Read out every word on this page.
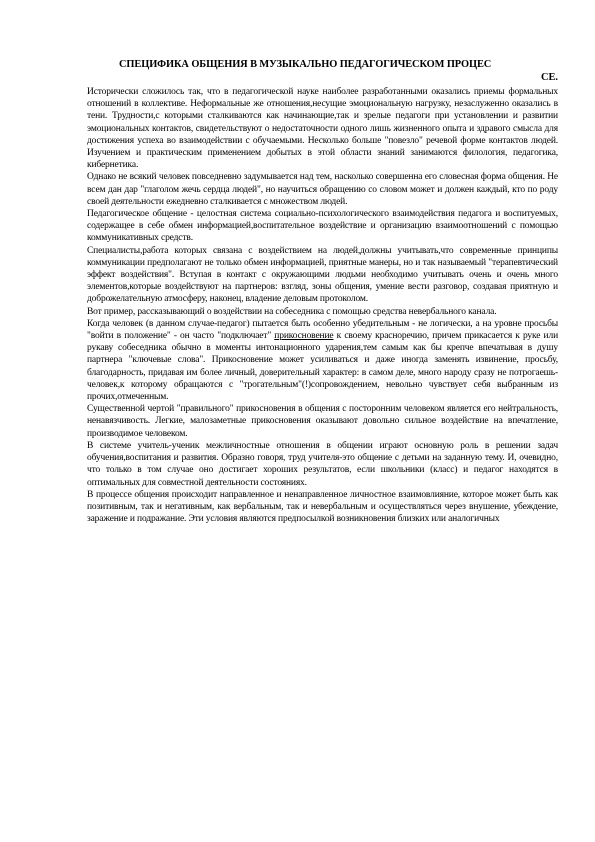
СПЕЦИФИКА ОБЩЕНИЯ В МУЗЫКАЛЬНО ПЕДАГОГИЧЕСКОМ ПРОЦЕС
СЕ.

Исторически сложилось так, что в педагогической науке наиболее разработанными оказались приемы формальных отношений в коллективе. Неформальные же отношения,несущие эмоциональную нагрузку, незаслуженно оказались в тени. Трудности,с которыми сталкиваются как начинающие,так и зрелые педагоги при установлении и развитии эмоциональных контактов, свидетельствуют о недостаточности одного лишь жизненного опыта и здравого смысла для достижения успеха во взаимодействии с обучаемыми. Несколько больше "повезло" речевой форме контактов людей. Изучением и практическим применением добытых в этой области знаний занимаются филология, педагогика, кибернетика.

Однако не всякий человек повседневно задумывается над тем, насколько совершенна его словесная форма общения. Не всем дан дар "глаголом жечь сердца людей", но научиться обращению со словом может и должен каждый, кто по роду своей деятельности ежедневно сталкивается с множеством людей.

Педагогическое общение - целостная система социально-психологического взаимодействия педагога и воспитуемых, содержащее в себе обмен информацией,воспитательное воздействие и организацию взаимоотношений с помощью коммуникативных средств.

Специалисты,работа которых связана с воздействием на людей,должны учитывать,что современные принципы коммуникации предполагают не только обмен информацией, приятные манеры, но и так называемый "терапевтический эффект воздействия". Вступая в контакт с окружающими людьми необходимо учитывать очень и очень много элементов,которые воздействуют на партнеров: взгляд, зоны общения, умение вести разговор, создавая приятную и доброжелательную атмосферу, наконец, владение деловым протоколом.

Вот пример, рассказывающий о воздействии на собеседника с помощью средства невербального канала.

Когда человек (в данном случае-педагог) пытается быть особенно убедительным - не логически, а на уровне просьбы "войти в положение" - он часто "подключает" прикосновение к своему красноречию, причем прикасается к руке или рукаву собеседника обычно в моменты интонационного ударения,тем самым как бы крепче впечатывая в душу партнера "ключевые слова". Прикосновение может усиливаться и даже иногда заменять извинение, просьбу, благодарность, придавая им более личный, доверительный характер: в самом деле, много народу сразу не потрогаешь-человек,к которому обращаются с "трогательным"(!)сопровождением, невольно чувствует себя выбранным из прочих,отмеченным.

Существенной чертой "правильного" прикосновения в общения с посторонним человеком является его нейтральность, ненавязчивость. Легкие, малозаметные прикосновения оказывают довольно сильное воздействие на впечатление, производимое человеком.

В системе учитель-ученик межличностные отношения в общении играют основную роль в решении задач обучения,воспитания и развития. Образно говоря, труд учителя-это общение с детьми на заданную тему. И, очевидно, что только в том случае оно достигает хороших результатов, если школьники (класс) и педагог находятся в оптимальных для совместной деятельности состояниях.

В процессе общения происходит направленное и ненаправленное личностное взаимовлияние, которое может быть как позитивным, так и негативным, как вербальным, так и невербальным и осуществляться через внушение, убеждение, заражение и подражание. Эти условия являются предпосылкой возникновения близких или аналогичных
